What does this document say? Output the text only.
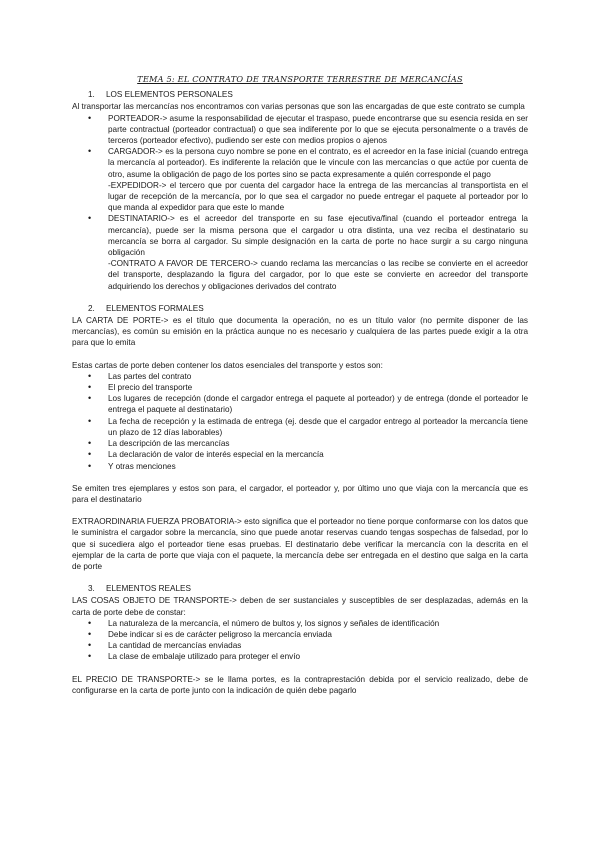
TEMA 5: EL CONTRATO DE TRANSPORTE TERRESTRE DE MERCANCÍAS
1. LOS ELEMENTOS PERSONALES

Al transportar las mercancías nos encontramos con varias personas que son las encargadas de que este contrato se cumpla

• PORTEADOR-> asume la responsabilidad de ejecutar el traspaso, puede encontrarse que su esencia resida en ser parte contractual (porteador contractual) o que sea indiferente por lo que se ejecuta personalmente o a través de terceros (porteador efectivo), pudiendo ser este con medios propios o ajenos
• CARGADOR-> es la persona cuyo nombre se pone en el contrato, es el acreedor en la fase inicial (cuando entrega la mercancía al porteador). Es indiferente la relación que le vincule con las mercancías o que actúe por cuenta de otro, asume la obligación de pago de los portes sino se pacta expresamente a quién corresponde el pago
-EXPEDIDOR-> el tercero que por cuenta del cargador hace la entrega de las mercancías al transportista en el lugar de recepción de la mercancía, por lo que sea el cargador no puede entregar el paquete al porteador por lo que manda al expedidor para que este lo mande
• DESTINATARIO-> es el acreedor del transporte en su fase ejecutiva/final (cuando el porteador entrega la mercancía), puede ser la misma persona que el cargador u otra distinta, una vez reciba el destinatario su mercancía se borra al cargador. Su simple designación en la carta de porte no hace surgir a su cargo ninguna obligación
-CONTRATO A FAVOR DE TERCERO-> cuando reclama las mercancías o las recibe se convierte en el acreedor del transporte, desplazando la figura del cargador, por lo que este se convierte en acreedor del transporte adquiriendo los derechos y obligaciones derivados del contrato
2. ELEMENTOS FORMALES

LA CARTA DE PORTE-> es el título que documenta la operación, no es un título valor (no permite disponer de las mercancías), es común su emisión en la práctica aunque no es necesario y cualquiera de las partes puede exigir a la otra para que lo emita

Estas cartas de porte deben contener los datos esenciales del transporte y estos son:

• Las partes del contrato
• El precio del transporte
• Los lugares de recepción (donde el cargador entrega el paquete al porteador) y de entrega (donde el porteador le entrega el paquete al destinatario)
• La fecha de recepción y la estimada de entrega (ej. desde que el cargador entrego al porteador la mercancía tiene un plazo de 12 días laborables)
• La descripción de las mercancías
• La declaración de valor de interés especial en la mercancía
• Y otras menciones

Se emiten tres ejemplares y estos son para, el cargador, el porteador y, por último uno que viaja con la mercancía que es para el destinatario

EXTRAORDINARIA FUERZA PROBATORIA-> esto significa que el porteador no tiene porque conformarse con los datos que le suministra el cargador sobre la mercancía, sino que puede anotar reservas cuando tengas sospechas de falsedad, por lo que si sucediera algo el porteador tiene esas pruebas. El destinatario debe verificar la mercancía con la descrita en el ejemplar de la carta de porte que viaja con el paquete, la mercancía debe ser entregada en el destino que salga en la carta de porte

3. ELEMENTOS REALES

LAS COSAS OBJETO DE TRANSPORTE-> deben de ser sustanciales y susceptibles de ser desplazadas, además en la carta de porte debe de constar:

• La naturaleza de la mercancía, el número de bultos y, los signos y señales de identificación
• Debe indicar si es de carácter peligroso la mercancía enviada
• La cantidad de mercancías enviadas
• La clase de embalaje utilizado para proteger el envío

EL PRECIO DE TRANSPORTE-> se le llama portes, es la contraprestación debida por el servicio realizado, debe de configurarse en la carta de porte junto con la indicación de quién debe pagarlo
